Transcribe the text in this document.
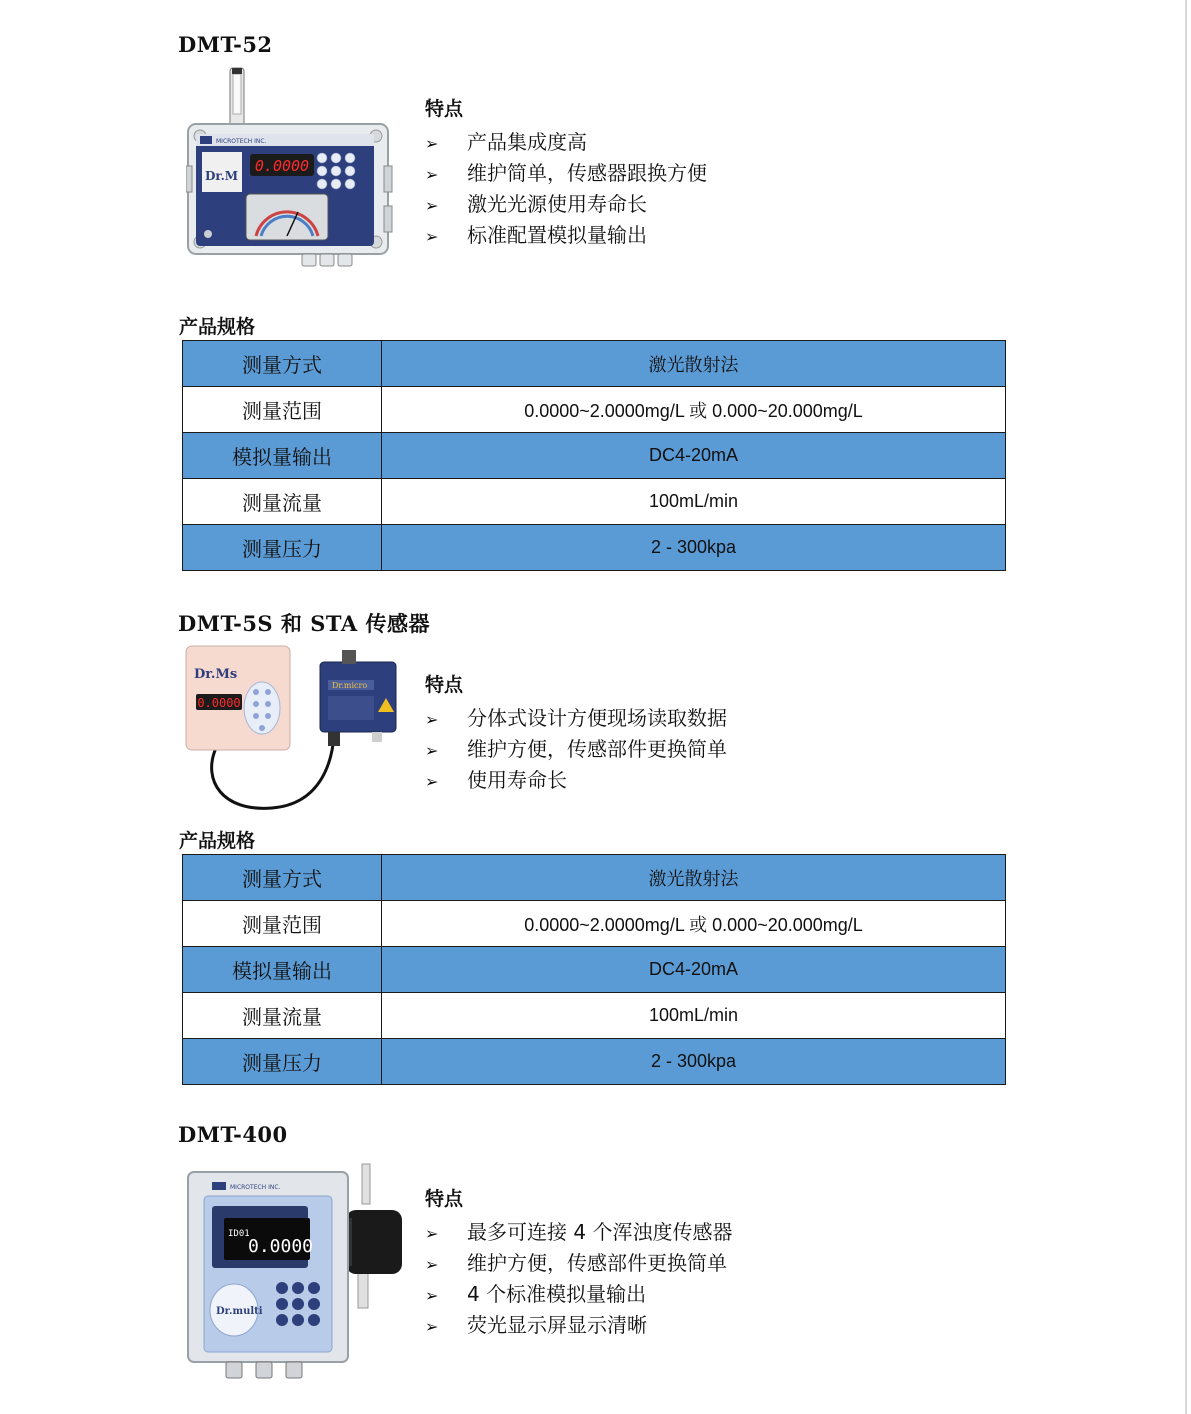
DMT-52
MICROTECH INC.
Dr.M
0.0000
特点
➢ 产品集成度高
➢ 维护简单，传感器跟换方便
➢ 激光光源使用寿命长
➢ 标准配置模拟量输出
产品规格
测量方式	激光散射法
测量范围	0.0000~2.0000mg/L 或 0.000~20.000mg/L
模拟量输出	DC4-20mA
测量流量	100mL/min
测量压力	2 - 300kpa
DMT-5S 和 STA 传感器
Dr.Ms
0.0000
Dr.micro	特点
➢ 分体式设计方便现场读取数据
➢ 维护方便，传感部件更换简单
➢ 使用寿命长
产品规格
测量方式	激光散射法
测量范围	0.0000~2.0000mg/L 或 0.000~20.000mg/L
模拟量输出	DC4-20mA
测量流量	100mL/min
测量压力	2 - 300kpa
DMT-400
MICROTECH INC.
ID01
0.0000
Dr.multi
特点
➢ 最多可连接 4 个浑浊度传感器
➢ 维护方便，传感部件更换简单
➢ 4 个标准模拟量输出
➢ 荧光显示屏显示清晰
